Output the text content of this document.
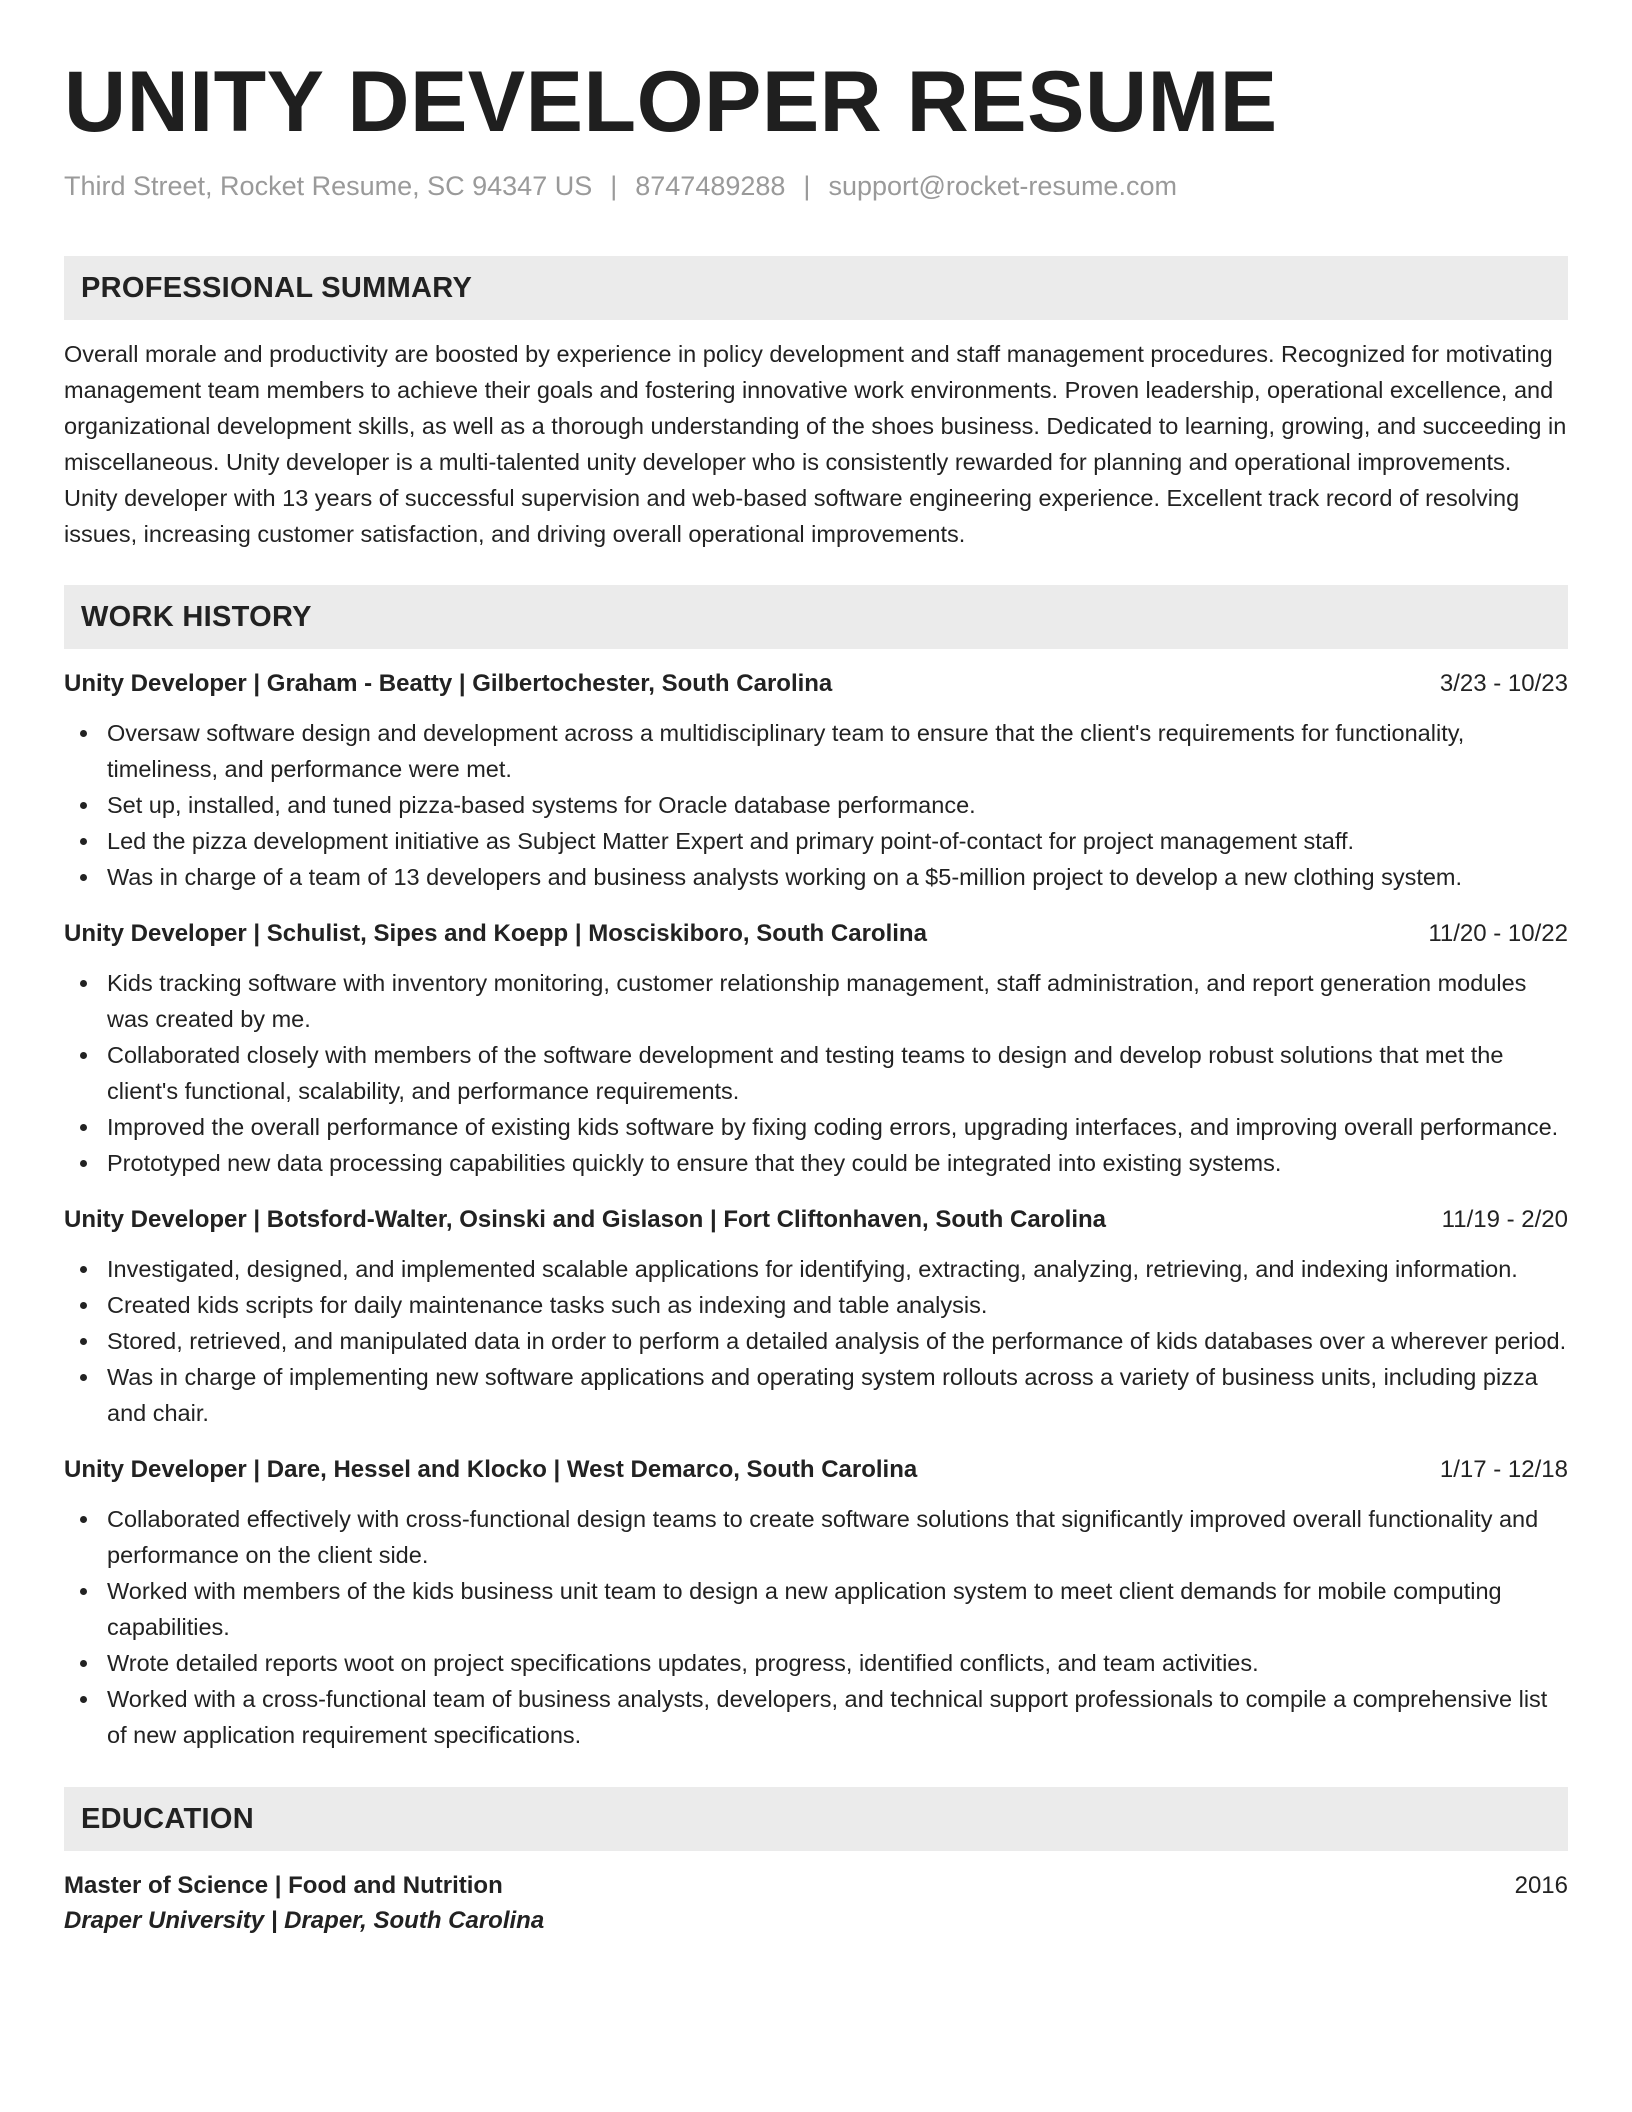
UNITY DEVELOPER RESUME
Third Street, Rocket Resume, SC 94347 US | 8747489288 | support@rocket-resume.com
PROFESSIONAL SUMMARY

Overall morale and productivity are boosted by experience in policy development and staff management procedures. Recognized for motivating management team members to achieve their goals and fostering innovative work environments. Proven leadership, operational excellence, and organizational development skills, as well as a thorough understanding of the shoes business. Dedicated to learning, growing, and succeeding in miscellaneous. Unity developer is a multi-talented unity developer who is consistently rewarded for planning and operational improvements. Unity developer with 13 years of successful supervision and web-based software engineering experience. Excellent track record of resolving issues, increasing customer satisfaction, and driving overall operational improvements.

WORK HISTORY
Unity Developer | Graham - Beatty | Gilbertochester, South Carolina	3/23 - 10/23
Oversaw software design and development across a multidisciplinary team to ensure that the client's requirements for functionality, timeliness, and performance were met.
Set up, installed, and tuned pizza-based systems for Oracle database performance.
Led the pizza development initiative as Subject Matter Expert and primary point-of-contact for project management staff.
Was in charge of a team of 13 developers and business analysts working on a $5-million project to develop a new clothing system.
Unity Developer | Schulist, Sipes and Koepp | Mosciskiboro, South Carolina	11/20 - 10/22
Kids tracking software with inventory monitoring, customer relationship management, staff administration, and report generation modules was created by me.
Collaborated closely with members of the software development and testing teams to design and develop robust solutions that met the client's functional, scalability, and performance requirements.
Improved the overall performance of existing kids software by fixing coding errors, upgrading interfaces, and improving overall performance.
Prototyped new data processing capabilities quickly to ensure that they could be integrated into existing systems.
Unity Developer | Botsford-Walter, Osinski and Gislason | Fort Cliftonhaven, South Carolina	11/19 - 2/20
Investigated, designed, and implemented scalable applications for identifying, extracting, analyzing, retrieving, and indexing information.
Created kids scripts for daily maintenance tasks such as indexing and table analysis.
Stored, retrieved, and manipulated data in order to perform a detailed analysis of the performance of kids databases over a wherever period.
Was in charge of implementing new software applications and operating system rollouts across a variety of business units, including pizza and chair.
Unity Developer | Dare, Hessel and Klocko | West Demarco, South Carolina	1/17 - 12/18
Collaborated effectively with cross-functional design teams to create software solutions that significantly improved overall functionality and performance on the client side.
Worked with members of the kids business unit team to design a new application system to meet client demands for mobile computing capabilities.
Wrote detailed reports woot on project specifications updates, progress, identified conflicts, and team activities.
Worked with a cross-functional team of business analysts, developers, and technical support professionals to compile a comprehensive list of new application requirement specifications.
EDUCATION
Master of Science | Food and Nutrition	2016
Draper University | Draper, South Carolina
